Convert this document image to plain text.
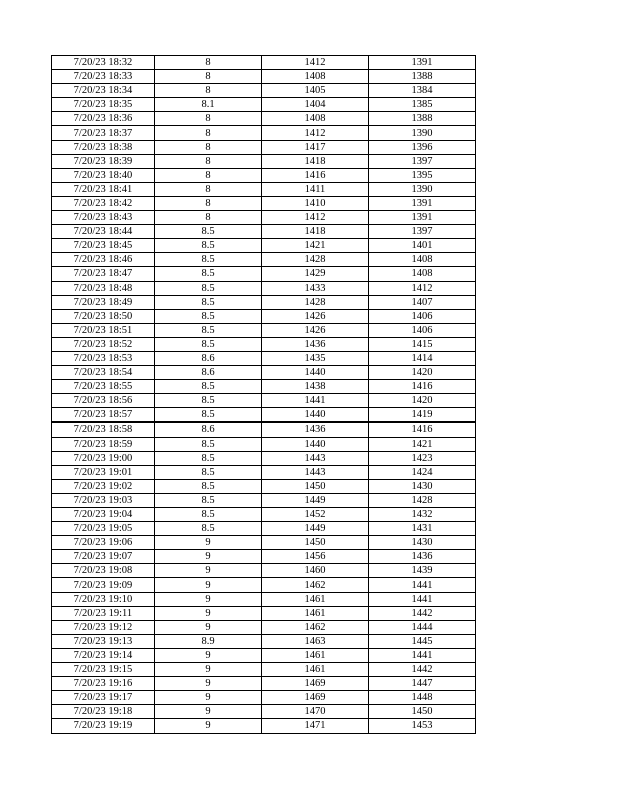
7/20/23 18:32	8	1412	1391
7/20/23 18:33	8	1408	1388
7/20/23 18:34	8	1405	1384
7/20/23 18:35	8.1	1404	1385
7/20/23 18:36	8	1408	1388
7/20/23 18:37	8	1412	1390
7/20/23 18:38	8	1417	1396
7/20/23 18:39	8	1418	1397
7/20/23 18:40	8	1416	1395
7/20/23 18:41	8	1411	1390
7/20/23 18:42	8	1410	1391
7/20/23 18:43	8	1412	1391
7/20/23 18:44	8.5	1418	1397
7/20/23 18:45	8.5	1421	1401
7/20/23 18:46	8.5	1428	1408
7/20/23 18:47	8.5	1429	1408
7/20/23 18:48	8.5	1433	1412
7/20/23 18:49	8.5	1428	1407
7/20/23 18:50	8.5	1426	1406
7/20/23 18:51	8.5	1426	1406
7/20/23 18:52	8.5	1436	1415
7/20/23 18:53	8.6	1435	1414
7/20/23 18:54	8.6	1440	1420
7/20/23 18:55	8.5	1438	1416
7/20/23 18:56	8.5	1441	1420
7/20/23 18:57	8.5	1440	1419
7/20/23 18:58	8.6	1436	1416
7/20/23 18:59	8.5	1440	1421
7/20/23 19:00	8.5	1443	1423
7/20/23 19:01	8.5	1443	1424
7/20/23 19:02	8.5	1450	1430
7/20/23 19:03	8.5	1449	1428
7/20/23 19:04	8.5	1452	1432
7/20/23 19:05	8.5	1449	1431
7/20/23 19:06	9	1450	1430
7/20/23 19:07	9	1456	1436
7/20/23 19:08	9	1460	1439
7/20/23 19:09	9	1462	1441
7/20/23 19:10	9	1461	1441
7/20/23 19:11	9	1461	1442
7/20/23 19:12	9	1462	1444
7/20/23 19:13	8.9	1463	1445
7/20/23 19:14	9	1461	1441
7/20/23 19:15	9	1461	1442
7/20/23 19:16	9	1469	1447
7/20/23 19:17	9	1469	1448
7/20/23 19:18	9	1470	1450
7/20/23 19:19	9	1471	1453
